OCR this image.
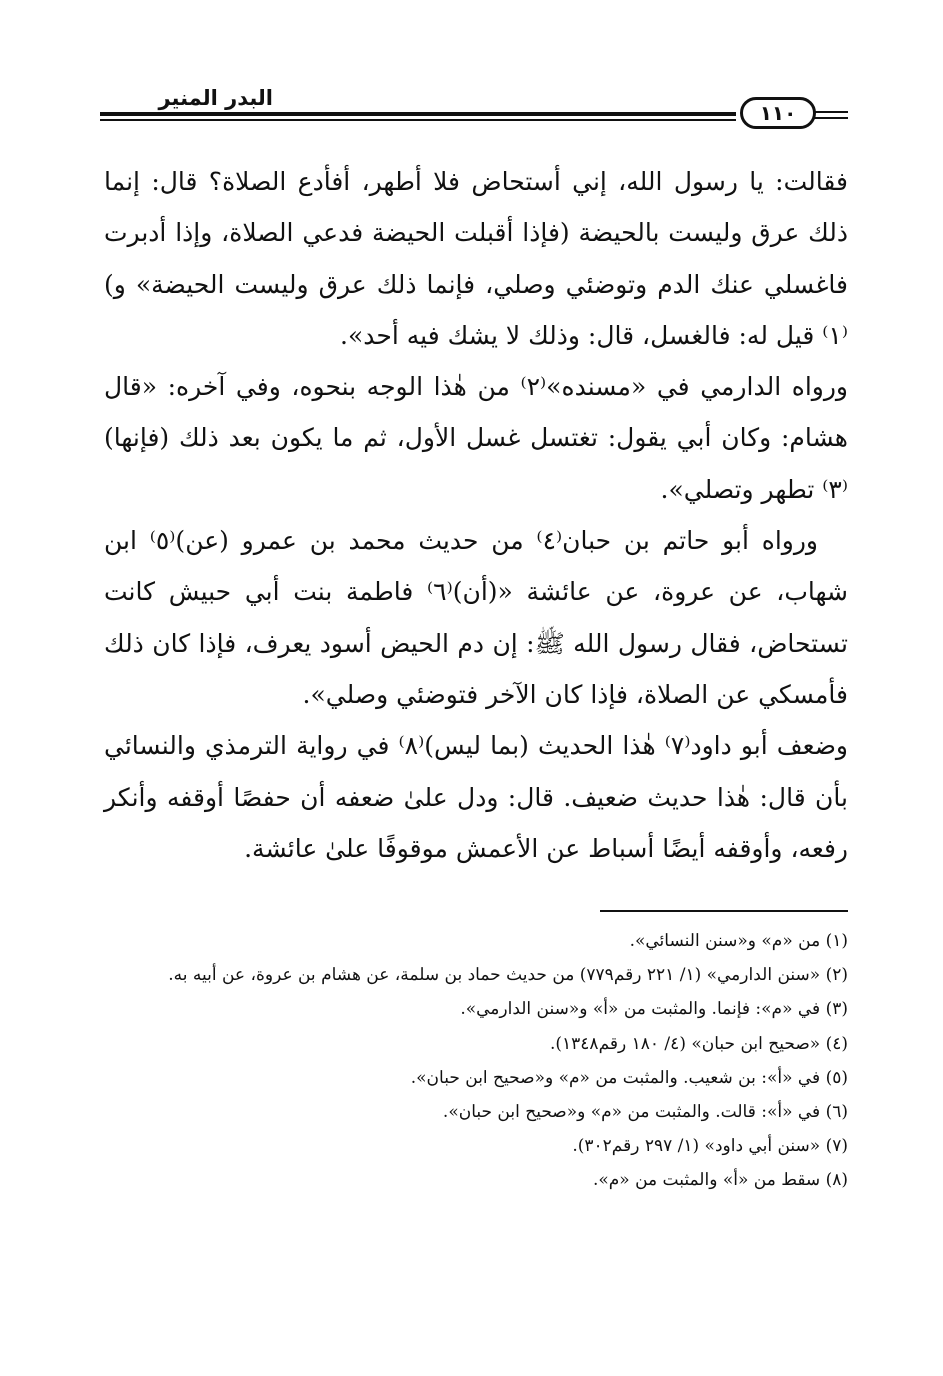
البدر المنير
١١٠

فقالت: يا رسول الله، إني أستحاض فلا أطهر، أفأدع الصلاة؟ قال: إنما ذلك عرق وليست بالحيضة (فإذا أقبلت الحيضة فدعي الصلاة، وإذا أدبرت فاغسلي عنك الدم وتوضئي وصلي، فإنما ذلك عرق وليست الحيضة» و)⁽١⁾ قيل له: فالغسل، قال: وذلك لا يشك فيه أحد».

ورواه الدارمي في «مسنده»⁽٢⁾ من هٰذا الوجه بنحوه، وفي آخره: «قال هشام: وكان أبي يقول: تغتسل غسل الأول، ثم ما يكون بعد ذلك (فإنها)⁽٣⁾ تطهر وتصلي».

ورواه أبو حاتم بن حبان⁽٤⁾ من حديث محمد بن عمرو (عن)⁽٥⁾ ابن شهاب، عن عروة، عن عائشة «(أن)⁽٦⁾ فاطمة بنت أبي حبيش كانت تستحاض، فقال رسول الله ﷺ: إن دم الحيض أسود يعرف، فإذا كان ذلك فأمسكي عن الصلاة، فإذا كان الآخر فتوضئي وصلي».

وضعف أبو داود⁽٧⁾ هٰذا الحديث (بما ليس)⁽٨⁾ في رواية الترمذي والنسائي بأن قال: هٰذا حديث ضعيف. قال: ودل علىٰ ضعفه أن حفصًا أوقفه وأنكر رفعه، وأوقفه أيضًا أسباط عن الأعمش موقوفًا علىٰ عائشة.

(١) من «م» و«سنن النسائي».
(٢) «سنن الدارمي» (١/ ٢٢١ رقم٧٧٩) من حديث حماد بن سلمة، عن هشام بن عروة، عن أبيه به.
(٣) في «م»: فإنما. والمثبت من «أ» و«سنن الدارمي».
(٤) «صحيح ابن حبان» (٤/ ١٨٠ رقم١٣٤٨).
(٥) في «أ»: بن شعيب. والمثبت من «م» و«صحيح ابن حبان».
(٦) في «أ»: قالت. والمثبت من «م» و«صحيح ابن حبان».
(٧) «سنن أبي داود» (١/ ٢٩٧ رقم٣٠٢).
(٨) سقط من «أ» والمثبت من «م».
